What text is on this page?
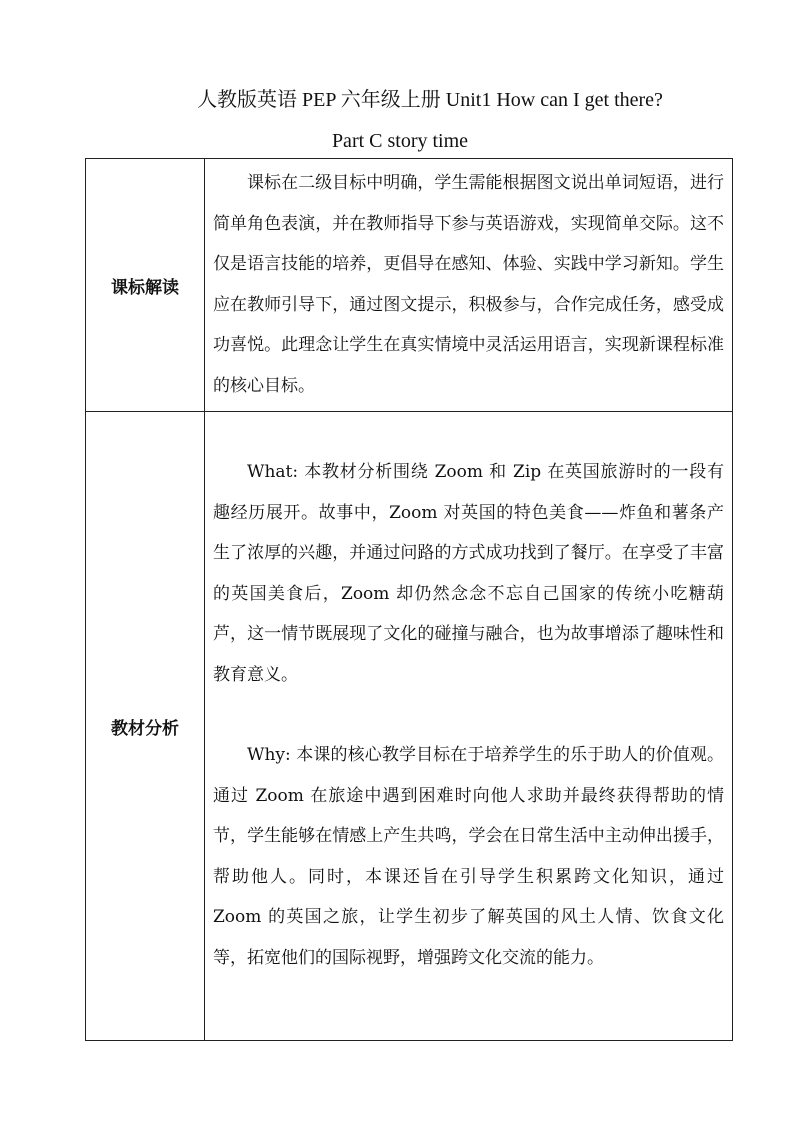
人教版英语 PEP 六年级上册 Unit1 How can I get there?
Part C story time
课标解读	课标在二级目标中明确，学生需能根据图文说出单词短语，进行简单角色表演，并在教师指导下参与英语游戏，实现简单交际。这不仅是语言技能的培养，更倡导在感知、体验、实践中学习新知。学生应在教师引导下，通过图文提示，积极参与，合作完成任务，感受成功喜悦。此理念让学生在真实情境中灵活运用语言，实现新课程标准的核心目标。

教材分析	What: 本教材分析围绕 Zoom 和 Zip 在英国旅游时的一段有趣经历展开。故事中，Zoom 对英国的特色美食——炸鱼和薯条产生了浓厚的兴趣，并通过问路的方式成功找到了餐厅。在享受了丰富的英国美食后，Zoom 却仍然念念不忘自己国家的传统小吃糖葫芦，这一情节既展现了文化的碰撞与融合，也为故事增添了趣味性和教育意义。

Why: 本课的核心教学目标在于培养学生的乐于助人的价值观。通过 Zoom 在旅途中遇到困难时向他人求助并最终获得帮助的情节，学生能够在情感上产生共鸣，学会在日常生活中主动伸出援手，帮助他人。同时，本课还旨在引导学生积累跨文化知识，通过 Zoom 的英国之旅，让学生初步了解英国的风土人情、饮食文化等，拓宽他们的国际视野，增强跨文化交流的能力。
